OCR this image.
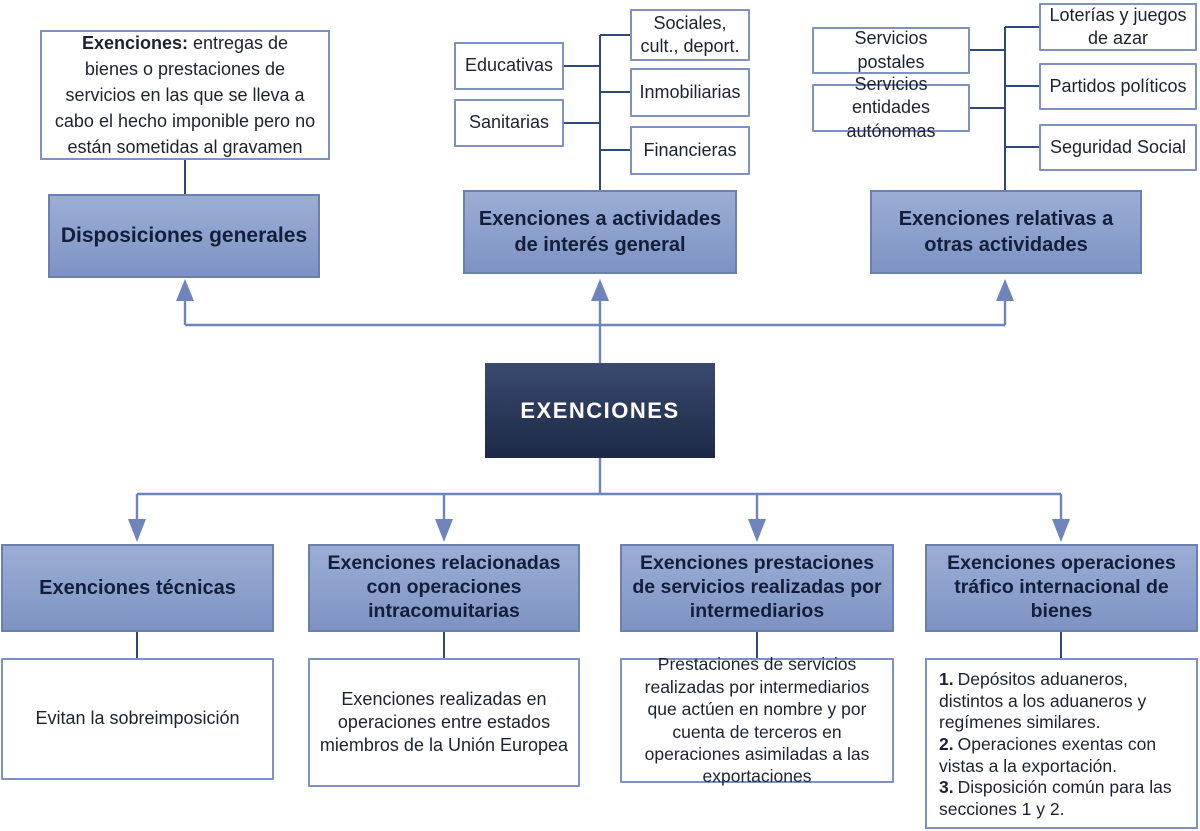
Exenciones: entregas de bienes o prestaciones de servicios en las que se lleva a cabo el hecho imponible pero no están sometidas al gravamen
Disposiciones generales
Exenciones a actividades de interés general
Exenciones relativas a otras actividades
Educativas
Sanitarias
Sociales, cult., deport.
Inmobiliarias
Financieras
Servicios postales
Servicios entidades autónomas
Loterías y juegos de azar
Partidos políticos
Seguridad Social
EXENCIONES
Exenciones técnicas
Exenciones relacionadas con operaciones intracomuitarias
Exenciones prestaciones de servicios realizadas por intermediarios
Exenciones operaciones tráfico internacional de bienes
Evitan la sobreimposición
Exenciones realizadas en operaciones entre estados miembros de la Unión Europea
Prestaciones de servicios realizadas por intermediarios que actúen en nombre y por cuenta de terceros en operaciones asimiladas a las exportaciones
1. Depósitos aduaneros, distintos a los aduaneros y regímenes similares.
2. Operaciones exentas con vistas a la exportación.
3. Disposición común para las secciones 1 y 2.
